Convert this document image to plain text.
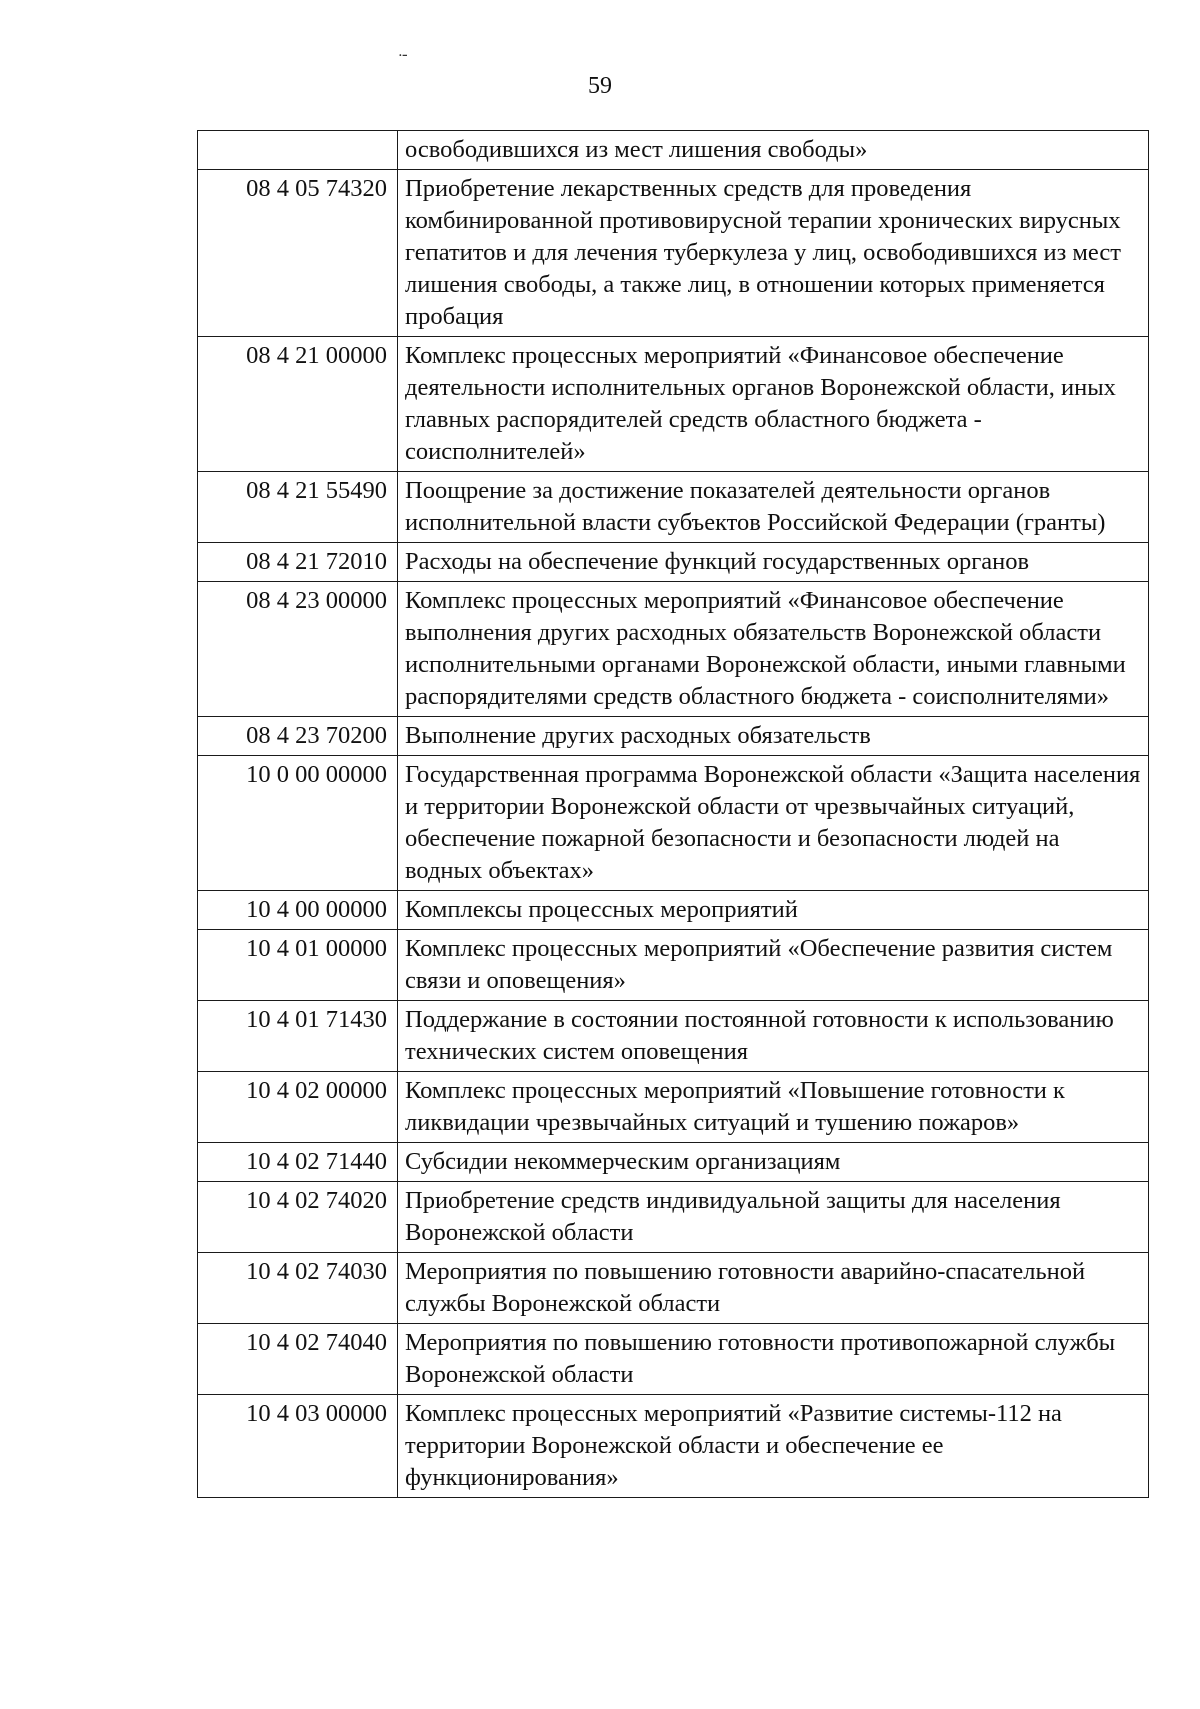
․ـ
59
	освободившихся из мест лишения свободы»
08 4 05 74320	Приобретение лекарственных средств для проведения комбинированной противовирусной терапии хронических вирусных гепатитов и для лечения туберкулеза у лиц, освободившихся из мест лишения свободы, а также лиц, в отношении которых применяется пробация
08 4 21 00000	Комплекс процессных мероприятий «Финансовое обеспечение деятельности исполнительных органов Воронежской области, иных главных распорядителей средств областного бюджета - соисполнителей»
08 4 21 55490	Поощрение за достижение показателей деятельности органов исполнительной власти субъектов Российской Федерации (гранты)
08 4 21 72010	Расходы на обеспечение функций государственных органов
08 4 23 00000	Комплекс процессных мероприятий «Финансовое обеспечение выполнения других расходных обязательств Воронежской области исполнительными органами Воронежской области, иными главными распорядителями средств областного бюджета - соисполнителями»
08 4 23 70200	Выполнение других расходных обязательств
10 0 00 00000	Государственная программа Воронежской области «Защита населения и территории Воронежской области от чрезвычайных ситуаций, обеспечение пожарной безопасности и безопасности людей на водных объектах»
10 4 00 00000	Комплексы процессных мероприятий
10 4 01 00000	Комплекс процессных мероприятий «Обеспечение развития систем связи и оповещения»
10 4 01 71430	Поддержание в состоянии постоянной готовности к использованию технических систем оповещения
10 4 02 00000	Комплекс процессных мероприятий «Повышение готовности к ликвидации чрезвычайных ситуаций и тушению пожаров»
10 4 02 71440	Субсидии некоммерческим организациям
10 4 02 74020	Приобретение средств индивидуальной защиты для населения Воронежской области
10 4 02 74030	Мероприятия по повышению готовности аварийно-спасательной службы Воронежской области
10 4 02 74040	Мероприятия по повышению готовности противопожарной службы Воронежской области
10 4 03 00000	Комплекс процессных мероприятий «Развитие системы-112 на территории Воронежской области и обеспечение ее функционирования»
